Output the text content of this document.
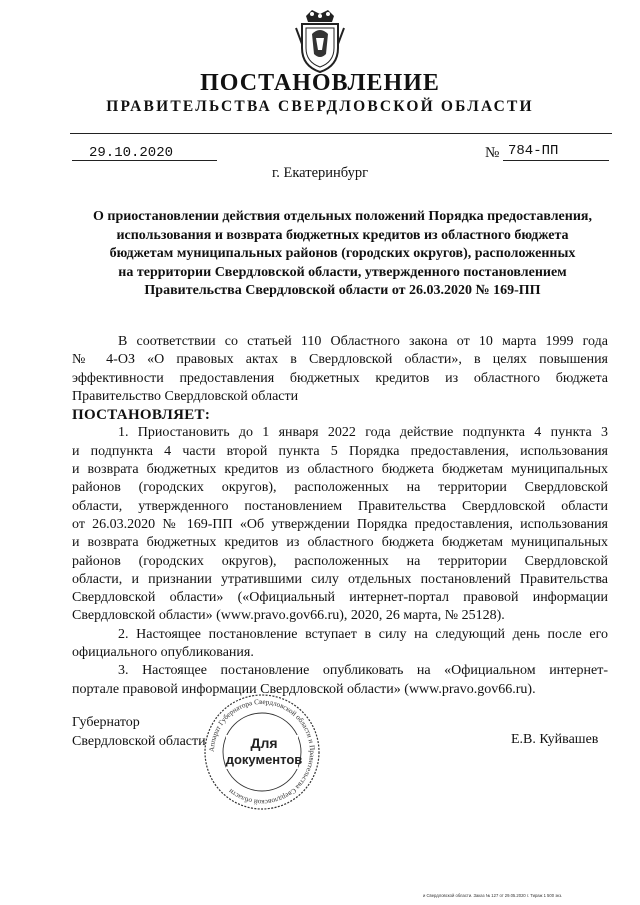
ПОСТАНОВЛЕНИЕ
ПРАВИТЕЛЬСТВА СВЕРДЛОВСКОЙ ОБЛАСТИ
29.10.2020	№ 784-ПП
г. Екатеринбург
О приостановлении действия отдельных положений Порядка предоставления,
использования и возврата бюджетных кредитов из областного бюджета
бюджетам муниципальных районов (городских округов), расположенных
на территории Свердловской области, утвержденного постановлением
Правительства Свердловской области от 26.03.2020 № 169-ПП
В соответствии со статьей 110 Областного закона от 10 марта 1999 года
№ 4-ОЗ «О правовых актах в Свердловской области», в целях повышения
эффективности предоставления бюджетных кредитов из областного бюджета
Правительство Свердловской области
ПОСТАНОВЛЯЕТ:
1. Приостановить до 1 января 2022 года действие подпункта 4 пункта 3
и подпункта 4 части второй пункта 5 Порядка предоставления, использования
и возврата бюджетных кредитов из областного бюджета бюджетам муниципальных
районов (городских округов), расположенных на территории Свердловской
области, утвержденного постановлением Правительства Свердловской области
от 26.03.2020 № 169-ПП «Об утверждении Порядка предоставления, использования
и возврата бюджетных кредитов из областного бюджета бюджетам муниципальных
районов (городских округов), расположенных на территории Свердловской
области, и признании утратившими силу отдельных постановлений Правительства
Свердловской области» («Официальный интернет-портал правовой информации
Свердловской области» (www.pravo.gov66.ru), 2020, 26 марта, № 25128).
2. Настоящее постановление вступает в силу на следующий день после его
официального опубликования.
3. Настоящее постановление опубликовать на «Официальном интернет-
портале правовой информации Свердловской области» (www.pravo.gov66.ru).
Губернатор
Свердловской области	Е.В. Куйвашев
Аппарат Губернатора Свердловской области и Правительства Свердловской области
Для
документов
и Свердловской области. Заказ № 127 от 29.05.2020 г. Тираж 1 500 экз.
